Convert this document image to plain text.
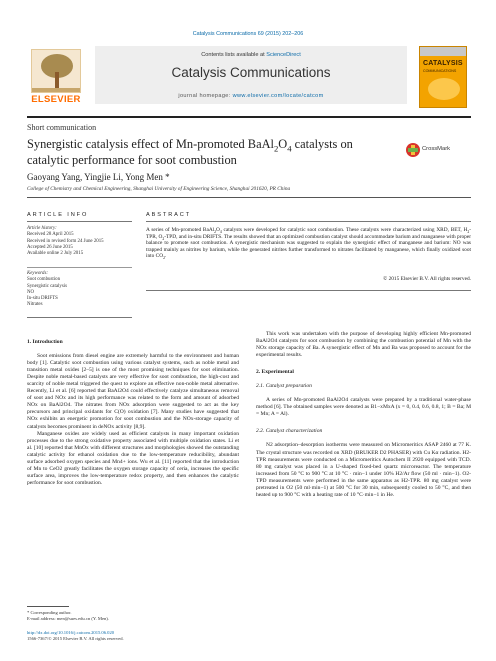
Catalysis Communications 69 (2015) 202–206
ELSEVIER
Contents lists available at ScienceDirect
Catalysis Communications
journal homepage: www.elsevier.com/locate/catcom
CATALYSIS
COMMUNICATIONS
Short communication
Synergistic catalysis effect of Mn-promoted $BaAl_2O_4$ catalysts on catalytic performance for soot combustion
CrossMark
Gaoyang Yang, Yingjie Li, Yong Men *
College of Chemistry and Chemical Engineering, Shanghai University of Engineering Science, Shanghai 201620, PR China
ARTICLE INFO	ABSTRACT
Article history:
Received 28 April 2015
Received in revised form 24 June 2015
Accepted 26 June 2015
Available online 2 July 2015
Keywords:
Soot combustion
Synergistic catalysis
NO
In-situ DRIFTS
Nitrates
A series of Mn-promoted $BaAl_2O_4$ catalysts were developed for catalytic soot combustion. These catalysts were characterized using XRD, BET, $H_2$-TPR, $O_2$-TPD, and in-situ DRIFTS. The results showed that an optimized combustion catalyst should accommodate barium and manganese with proper balance to promote soot combustion. A synergistic mechanism was suggested to explain the synergistic effect of manganese and barium: NO was trapped mainly as nitrites by barium, while the generated nitrites further transformed to nitrates facilitated by manganese, which finally oxidized soot into $CO_2$.
© 2015 Elsevier B.V. All rights reserved.
1. Introduction

Soot emissions from diesel engine are extremely harmful to the environment and human body [1]. Catalytic soot combustion using various catalyst systems, such as noble metal and transition metal oxides [2–5] is one of the most promising techniques for soot elimination. Despite noble metal-based catalysts are very effective for soot combustion, the high-cost and scarcity of noble metal triggered the quest to explore an effective non-noble metal alternative. Recently, Li et al. [6] reported that BaAl2O4 could effectively catalyze simultaneous removal of soot and NOx and its high performance was related to the form and amount of adsorbed NOx on BaAl2O4. The nitrates from NOx adsorption were suggested to act as the key precursors and principal oxidants for C(O) oxidation [7]. Many studies have suggested that NOx exhibits an energetic promotion for soot combustion and the NOx-storage capacity of catalysts becomes prominent in deNOx activity [8,9].

Manganese oxides are widely used as efficient catalysts in many important oxidation processes due to the strong oxidative property associated with multiple oxidation states. Li et al. [10] reported that MnOx with different structures and morphologies showed the outstanding catalytic activity for ethanol oxidation due to the low-temperature reducibility, abundant surface adsorbed oxygen species and Mn4+ ions. Wu et al. [11] reported that the introduction of Mn to CeO2 greatly facilitates the oxygen storage capacity of ceria, increases the specific surface area, improves the low-temperature redox property, and then enhances the catalytic performance for soot combustion.

This work was undertaken with the purpose of developing highly efficient Mn-promoted BaAl2O4 catalysts for soot combustion by combining the combustion potential of Mn with the NOx storage capacity of Ba. A synergistic effect of Mn and Ba was proposed to account for the experimental results.

2. Experimental
2.1. Catalyst preparation

A series of Mn-promoted BaAl2O4 catalysts were prepared by a traditional water-phase method [6]. The obtained samples were denoted as B1−xMxA (x = 0, 0.4, 0.6, 0.8, 1; B = Ba; M = Mn; A = Al).

2.2. Catalyst characterization

N2 adsorption–desorption isotherms were measured on Micromeritics ASAP 2460 at 77 K. The crystal structure was recorded on XRD (BRUKER D2 PHASER) with Cu Kα radiation. H2-TPR measurements were conducted on a Micromeritics Autochem II 2920 equipped with TCD. 80 mg catalyst was placed in a U-shaped fixed-bed quartz microreactor. The temperature increased from 50 °C to 900 °C at 10 °C · min−1 under 10% H2/Ar flow (50 ml · min−1). O2-TPD measurements were performed in the same apparatus as H2-TPR. 80 mg catalyst were pretreated in O2 (50 ml·min−1) at 500 °C for 30 min, subsequently cooled to 50 °C, and then heated up to 900 °C with a heating rate of 10 °C·min−1 in He.

* Corresponding author.
E-mail address: men@sues.edu.cn (Y. Men).
http://dx.doi.org/10.1016/j.catcom.2015.06.020
1566-7367/© 2015 Elsevier B.V. All rights reserved.
